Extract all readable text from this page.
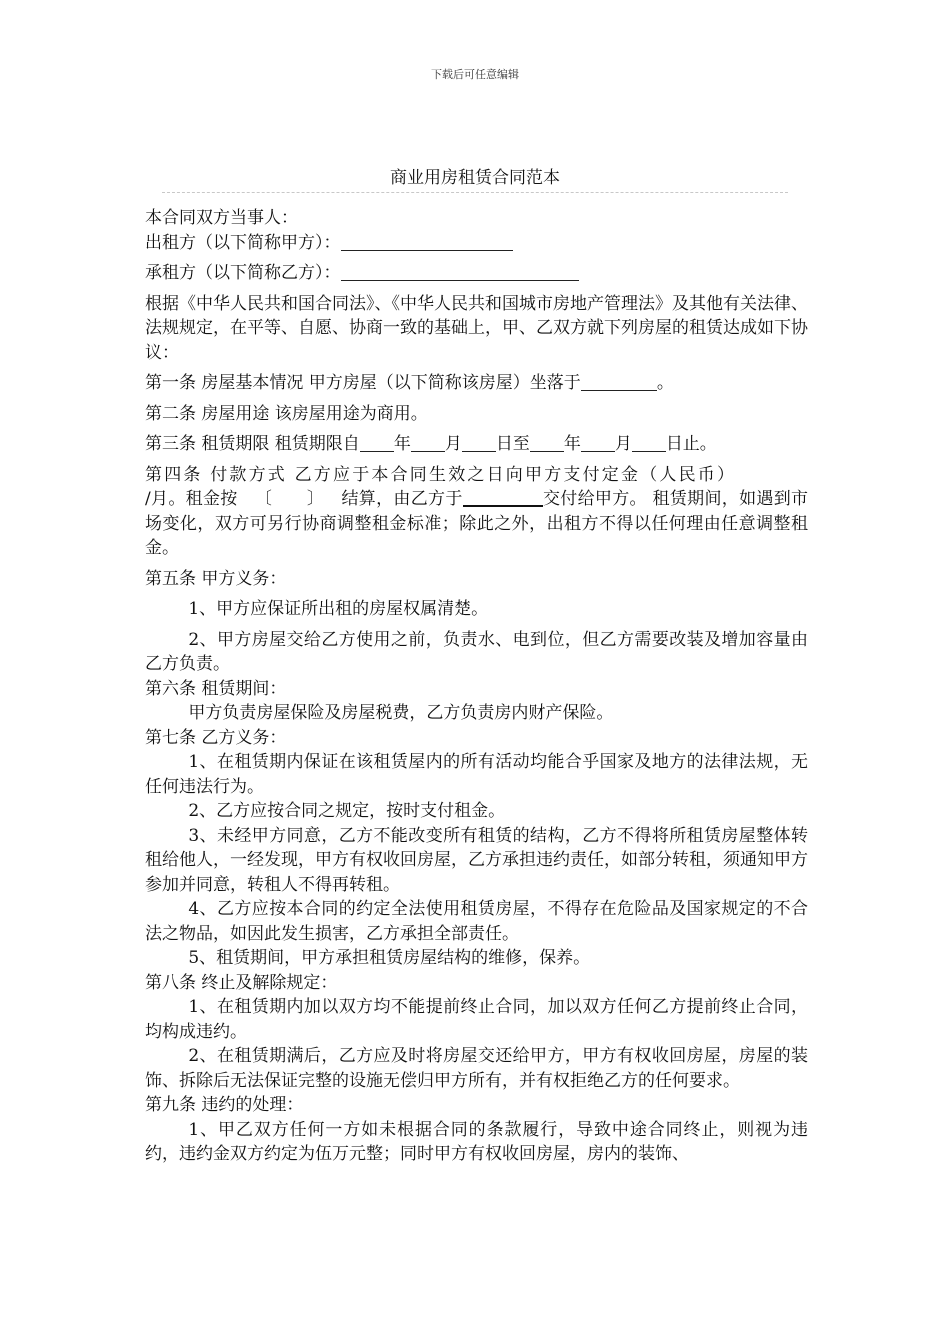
下载后可任意编辑
商业用房租赁合同范本

本合同双方当事人：

出租方（以下简称甲方）：

承租方（以下简称乙方）：

根据《中华人民共和国合同法》、《中华人民共和国城市房地产管理法》及其他有关法律、法规规定，在平等、自愿、协商一致的基础上，甲、乙双方就下列房屋的租赁达成如下协议：

第一条 房屋基本情况 甲方房屋（以下简称该房屋）坐落于	。

第二条 房屋用途 该房屋用途为商用。

第三条 租赁期限 租赁期限自 年 月 日至 年 月 日止。

第四条 付款方式 乙方应于本合同生效之日向甲方支付定金（人民币）

/月。租金按  〔　　〕  结算，由乙方于	交付给甲方。 租赁期间，如遇到市场变化，双方可另行协商调整租金标准；除此之外，出租方不得以任何理由任意调整租金。

第五条 甲方义务：

1、甲方应保证所出租的房屋权属清楚。

2、甲方房屋交给乙方使用之前，负责水、电到位，但乙方需要改装及增加容量由乙方负责。

第六条 租赁期间：

甲方负责房屋保险及房屋税费，乙方负责房内财产保险。

第七条 乙方义务：

1、在租赁期内保证在该租赁屋内的所有活动均能合乎国家及地方的法律法规，无任何违法行为。

2、乙方应按合同之规定，按时支付租金。

3、未经甲方同意，乙方不能改变所有租赁的结构，乙方不得将所租赁房屋整体转租给他人，一经发现，甲方有权收回房屋，乙方承担违约责任，如部分转租，须通知甲方参加并同意，转租人不得再转租。

4、乙方应按本合同的约定全法使用租赁房屋，不得存在危险品及国家规定的不合法之物品，如因此发生损害，乙方承担全部责任。

5、租赁期间，甲方承担租赁房屋结构的维修，保养。

第八条 终止及解除规定：

1、在租赁期内加以双方均不能提前终止合同，加以双方任何乙方提前终止合同，均构成违约。

2、在租赁期满后，乙方应及时将房屋交还给甲方，甲方有权收回房屋，房屋的装饰、拆除后无法保证完整的设施无偿归甲方所有，并有权拒绝乙方的任何要求。

第九条 违约的处理：

1、甲乙双方任何一方如未根据合同的条款履行，导致中途合同终止，则视为违约，违约金双方约定为伍万元整；同时甲方有权收回房屋，房内的装饰、
